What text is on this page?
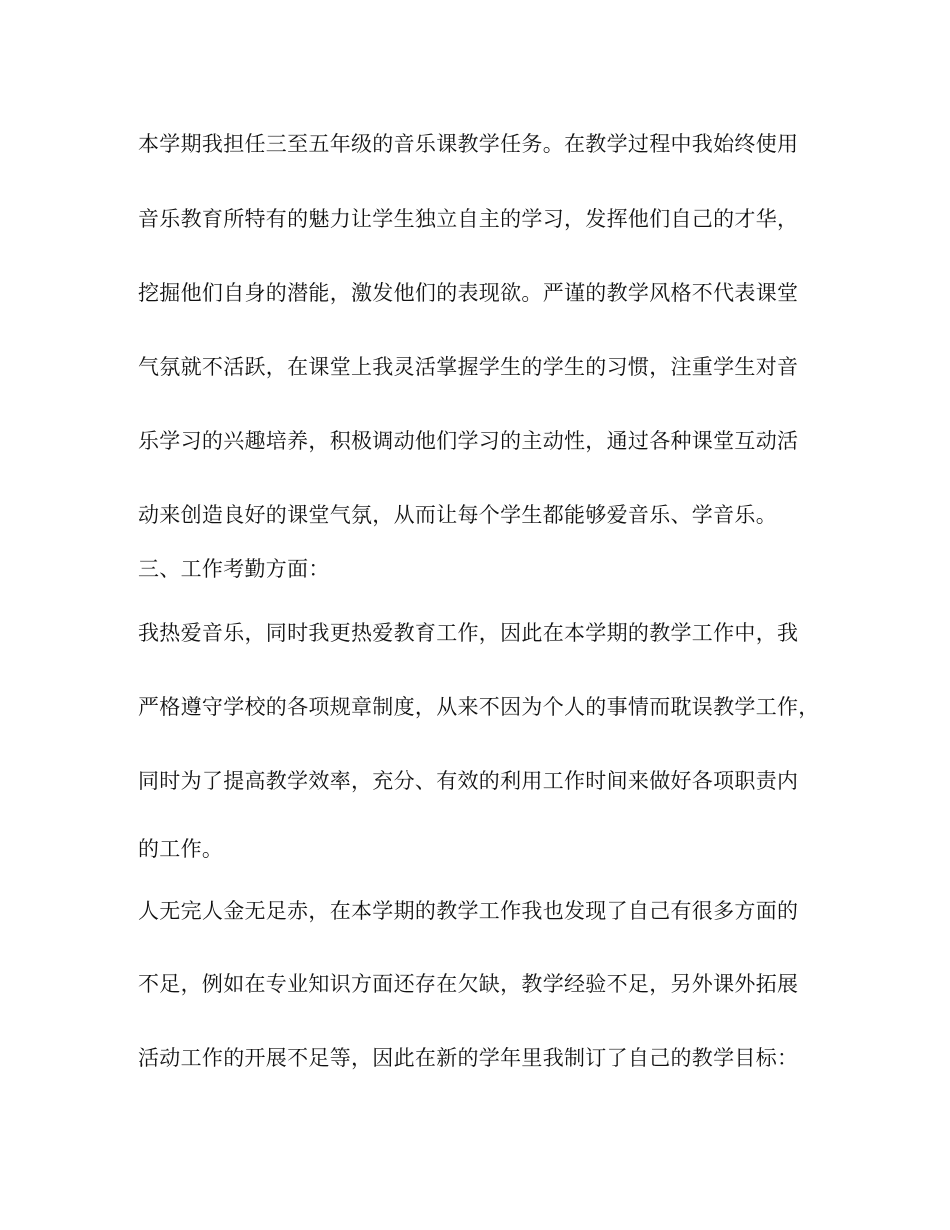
本学期我担任三至五年级的音乐课教学任务。在教学过程中我始终使用
音乐教育所特有的魅力让学生独立自主的学习，发挥他们自己的才华，
挖掘他们自身的潜能，激发他们的表现欲。严谨的教学风格不代表课堂
气氛就不活跃，在课堂上我灵活掌握学生的学生的习惯，注重学生对音
乐学习的兴趣培养，积极调动他们学习的主动性，通过各种课堂互动活
动来创造良好的课堂气氛，从而让每个学生都能够爱音乐、学音乐。
三、工作考勤方面：
我热爱音乐，同时我更热爱教育工作，因此在本学期的教学工作中，我
严格遵守学校的各项规章制度，从来不因为个人的事情而耽误教学工作，
同时为了提高教学效率，充分、有效的利用工作时间来做好各项职责内
的工作。
人无完人金无足赤，在本学期的教学工作我也发现了自己有很多方面的
不足，例如在专业知识方面还存在欠缺，教学经验不足，另外课外拓展
活动工作的开展不足等，因此在新的学年里我制订了自己的教学目标：
